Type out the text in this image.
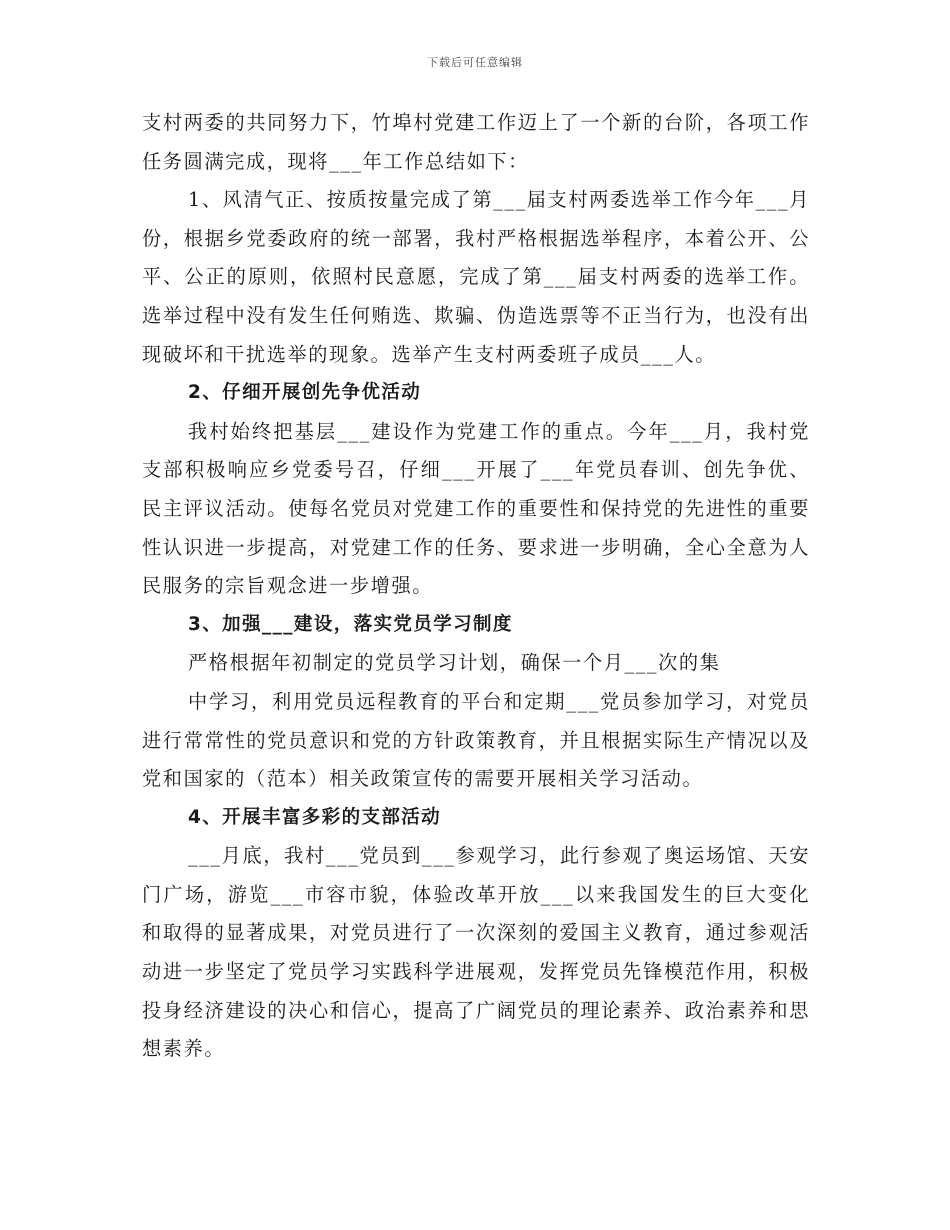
下载后可任意编辑

支村两委的共同努力下，竹埠村党建工作迈上了一个新的台阶，各项工作任务圆满完成，现将___年工作总结如下：

1、风清气正、按质按量完成了第___届支村两委选举工作今年___月份，根据乡党委政府的统一部署，我村严格根据选举程序，本着公开、公平、公正的原则，依照村民意愿，完成了第___届支村两委的选举工作。选举过程中没有发生任何贿选、欺骗、伪造选票等不正当行为，也没有出现破坏和干扰选举的现象。选举产生支村两委班子成员___人。

2、仔细开展创先争优活动

我村始终把基层___建设作为党建工作的重点。今年___月，我村党支部积极响应乡党委号召，仔细___开展了___年党员春训、创先争优、民主评议活动。使每名党员对党建工作的重要性和保持党的先进性的重要性认识进一步提高，对党建工作的任务、要求进一步明确，全心全意为人民服务的宗旨观念进一步增强。

3、加强___建设，落实党员学习制度

严格根据年初制定的党员学习计划，确保一个月___次的集

中学习，利用党员远程教育的平台和定期___党员参加学习，对党员进行常常性的党员意识和党的方针政策教育，并且根据实际生产情况以及党和国家的（范本）相关政策宣传的需要开展相关学习活动。

4、开展丰富多彩的支部活动

___月底，我村___党员到___参观学习，此行参观了奥运场馆、天安门广场，游览___市容市貌，体验改革开放___以来我国发生的巨大变化和取得的显著成果，对党员进行了一次深刻的爱国主义教育，通过参观活动进一步坚定了党员学习实践科学进展观，发挥党员先锋模范作用，积极投身经济建设的决心和信心，提高了广阔党员的理论素养、政治素养和思想素养。
